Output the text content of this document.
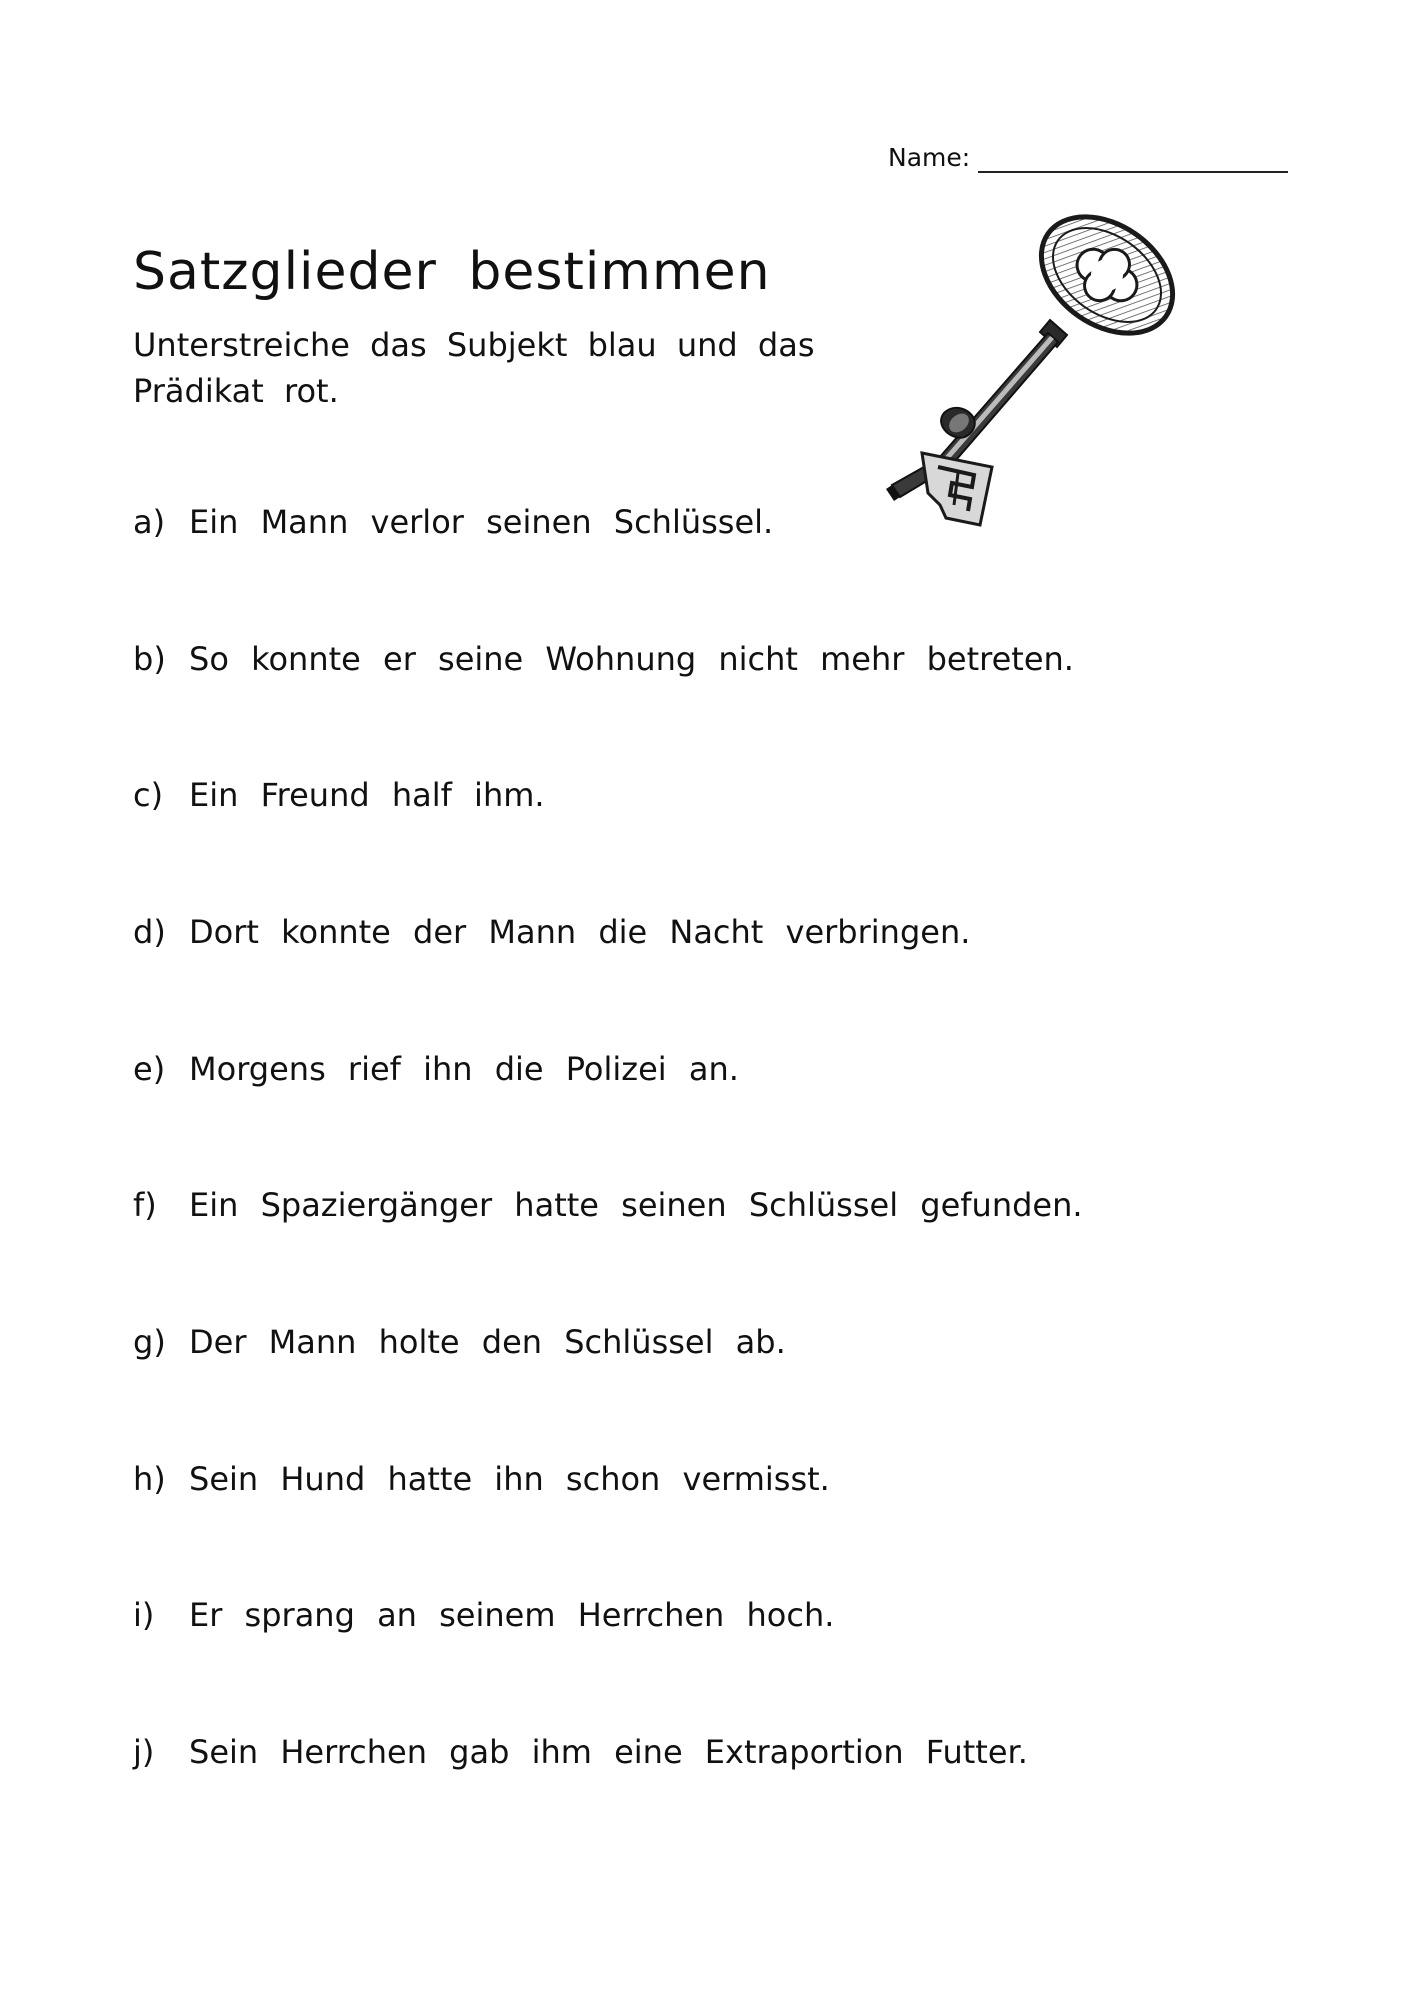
Name:
Satzglieder bestimmen
Unterstreiche das Subjekt blau und das
Prädikat rot.
a) Ein Mann verlor seinen Schlüssel.
b) So konnte er seine Wohnung nicht mehr betreten.
c) Ein Freund half ihm.
d) Dort konnte der Mann die Nacht verbringen.
e) Morgens rief ihn die Polizei an.
f)	Ein Spaziergänger hatte seinen Schlüssel gefunden.
g) Der Mann holte den Schlüssel ab.
h) Sein Hund hatte ihn schon vermisst.
i)	Er sprang an seinem Herrchen hoch.
j)	Sein Herrchen gab ihm eine Extraportion Futter.
